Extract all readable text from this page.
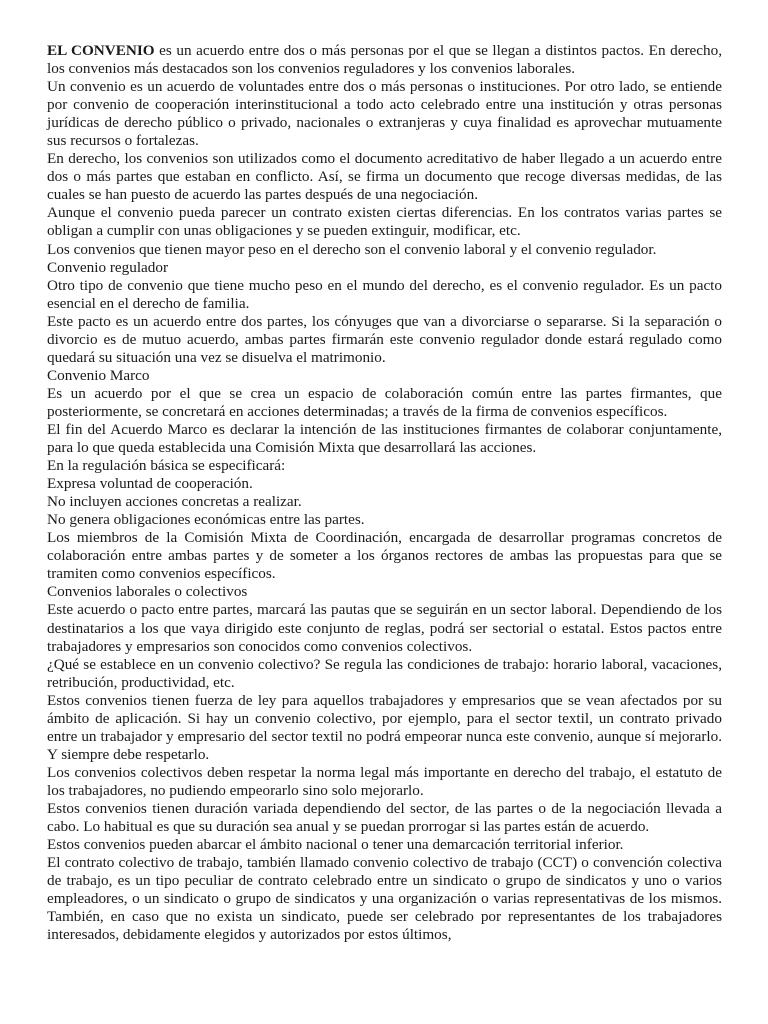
EL CONVENIO es un acuerdo entre dos o más personas por el que se llegan a distintos pactos. En derecho, los convenios más destacados son los convenios reguladores y los convenios laborales.

Un convenio es un acuerdo de voluntades entre dos o más personas o instituciones. Por otro lado, se entiende por convenio de cooperación interinstitucional a todo acto celebrado entre una institución y otras personas jurídicas de derecho público o privado, nacionales o extranjeras y cuya finalidad es aprovechar mutuamente sus recursos o fortalezas.

En derecho, los convenios son utilizados como el documento acreditativo de haber llegado a un acuerdo entre dos o más partes que estaban en conflicto. Así, se firma un documento que recoge diversas medidas, de las cuales se han puesto de acuerdo las partes después de una negociación.

Aunque el convenio pueda parecer un contrato existen ciertas diferencias. En los contratos varias partes se obligan a cumplir con unas obligaciones y se pueden extinguir, modificar, etc.

Los convenios que tienen mayor peso en el derecho son el convenio laboral y el convenio regulador.

Convenio regulador

Otro tipo de convenio que tiene mucho peso en el mundo del derecho, es el convenio regulador. Es un pacto esencial en el derecho de familia.

Este pacto es un acuerdo entre dos partes, los cónyuges que van a divorciarse o separarse. Si la separación o divorcio es de mutuo acuerdo, ambas partes firmarán este convenio regulador donde estará regulado como quedará su situación una vez se disuelva el matrimonio.

Convenio Marco

Es un acuerdo por el que se crea un espacio de colaboración común entre las partes firmantes, que posteriormente, se concretará en acciones determinadas; a través de la firma de convenios específicos.

El fin del Acuerdo Marco es declarar la intención de las instituciones firmantes de colaborar conjuntamente, para lo que queda establecida una Comisión Mixta que desarrollará las acciones.

En la regulación básica se especificará:

Expresa voluntad de cooperación.

No incluyen acciones concretas a realizar.

No genera obligaciones económicas entre las partes.

Los miembros de la Comisión Mixta de Coordinación, encargada de desarrollar programas concretos de colaboración entre ambas partes y de someter a los órganos rectores de ambas las propuestas para que se tramiten como convenios específicos.

Convenios laborales o colectivos

Este acuerdo o pacto entre partes, marcará las pautas que se seguirán en un sector laboral. Dependiendo de los destinatarios a los que vaya dirigido este conjunto de reglas, podrá ser sectorial o estatal. Estos pactos entre trabajadores y empresarios son conocidos como convenios colectivos.

¿Qué se establece en un convenio colectivo? Se regula las condiciones de trabajo: horario laboral, vacaciones, retribución, productividad, etc.

Estos convenios tienen fuerza de ley para aquellos trabajadores y empresarios que se vean afectados por su ámbito de aplicación. Si hay un convenio colectivo, por ejemplo, para el sector textil, un contrato privado entre un trabajador y empresario del sector textil no podrá empeorar nunca este convenio, aunque sí mejorarlo. Y siempre debe respetarlo.

Los convenios colectivos deben respetar la norma legal más importante en derecho del trabajo, el estatuto de los trabajadores, no pudiendo empeorarlo sino solo mejorarlo.

Estos convenios tienen duración variada dependiendo del sector, de las partes o de la negociación llevada a cabo. Lo habitual es que su duración sea anual y se puedan prorrogar si las partes están de acuerdo.

Estos convenios pueden abarcar el ámbito nacional o tener una demarcación territorial inferior.

El contrato colectivo de trabajo, también llamado convenio colectivo de trabajo (CCT) o convención colectiva de trabajo, es un tipo peculiar de contrato celebrado entre un sindicato o grupo de sindicatos y uno o varios empleadores, o un sindicato o grupo de sindicatos y una organización o varias representativas de los mismos. También, en caso que no exista un sindicato, puede ser celebrado por representantes de los trabajadores interesados, debidamente elegidos y autorizados por estos últimos,
